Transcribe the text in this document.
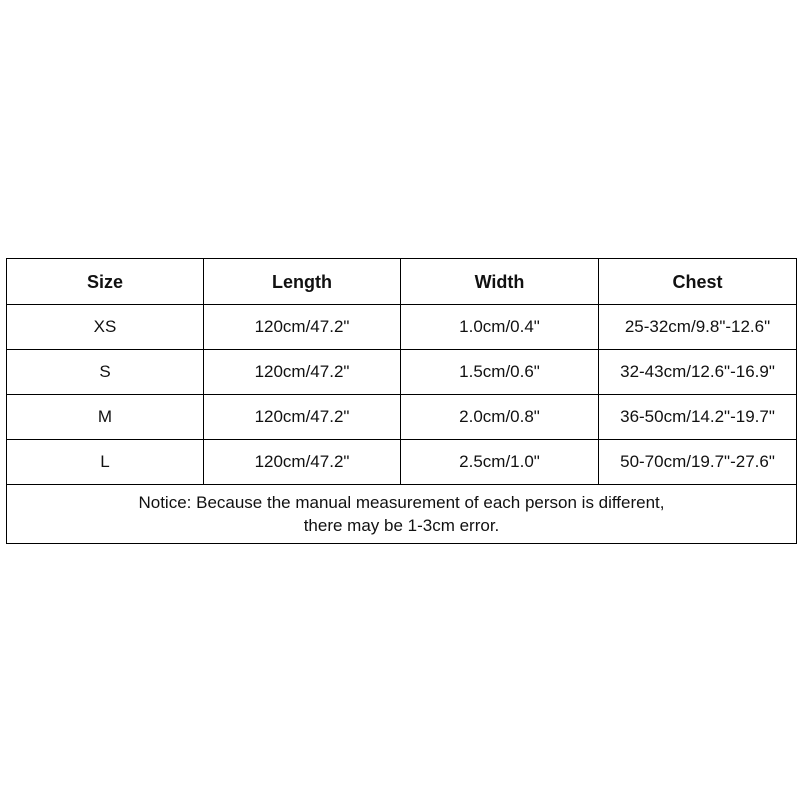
Size	Length	Width	Chest
XS	120cm/47.2"	1.0cm/0.4"	25-32cm/9.8"-12.6"
S	120cm/47.2"	1.5cm/0.6"	32-43cm/12.6"-16.9"
M	120cm/47.2"	2.0cm/0.8"	36-50cm/14.2"-19.7"
L	120cm/47.2"	2.5cm/1.0"	50-70cm/19.7"-27.6"

Notice: Because the manual measurement of each person is different,
there may be 1-3cm error.			
